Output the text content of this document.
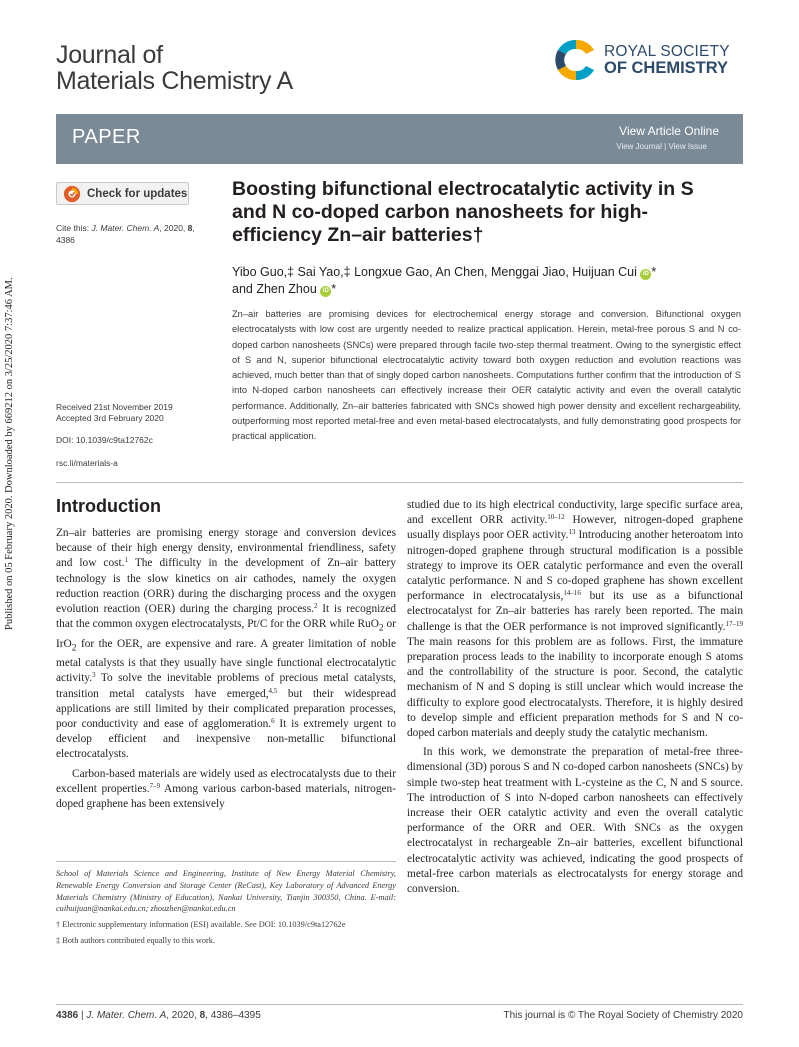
Published on 05 February 2020. Downloaded by 669212 on 3/25/2020 7:37:46 AM.
Journal of
Materials Chemistry A
ROYAL SOCIETY
OF CHEMISTRY
PAPER	View Article Online
View Journal | View Issue
Check for updates
Cite this: J. Mater. Chem. A, 2020, 8, 4386
Boosting bifunctional electrocatalytic activity in S and N co-doped carbon nanosheets for high-efficiency Zn–air batteries†
Yibo Guo,‡ Sai Yao,‡ Longxue Gao, An Chen, Menggai Jiao, Huijuan Cui iD *
and Zhen Zhou iD *
Zn–air batteries are promising devices for electrochemical energy storage and conversion. Bifunctional oxygen electrocatalysts with low cost are urgently needed to realize practical application. Herein, metal-free porous S and N co-doped carbon nanosheets (SNCs) were prepared through facile two-step thermal treatment. Owing to the synergistic effect of S and N, superior bifunctional electrocatalytic activity toward both oxygen reduction and evolution reactions was achieved, much better than that of singly doped carbon nanosheets. Computations further confirm that the introduction of S into N-doped carbon nanosheets can effectively increase their OER catalytic activity and even the overall catalytic performance. Additionally, Zn–air batteries fabricated with SNCs showed high power density and excellent rechargeability, outperforming most reported metal-free and even metal-based electrocatalysts, and fully demonstrating good prospects for practical application.
Received 21st November 2019
Accepted 3rd February 2020
DOI: 10.1039/c9ta12762c
rsc.li/materials-a
Introduction

Zn–air batteries are promising energy storage and conversion devices because of their high energy density, environmental friendliness, safety and low cost.$^1$ The difficulty in the development of Zn–air battery technology is the slow kinetics on air cathodes, namely the oxygen reduction reaction (ORR) during the discharging process and the oxygen evolution reaction (OER) during the charging process.$^2$ It is recognized that the common oxygen electrocatalysts, Pt/C for the ORR while RuO$_2$ or IrO$_2$ for the OER, are expensive and rare. A greater limitation of noble metal catalysts is that they usually have single functional electrocatalytic activity.$^3$ To solve the inevitable problems of precious metal catalysts, transition metal catalysts have emerged,$^{4,5}$ but their widespread applications are still limited by their complicated preparation processes, poor conductivity and ease of agglomeration.$^6$ It is extremely urgent to develop efficient and inexpensive non-metallic bifunctional electrocatalysts.

Carbon-based materials are widely used as electrocatalysts due to their excellent properties.$^{7-9}$ Among various carbon-based materials, nitrogen-doped graphene has been extensively

School of Materials Science and Engineering, Institute of New Energy Material Chemistry, Renewable Energy Conversion and Storage Center (ReCast), Key Laboratory of Advanced Energy Materials Chemistry (Ministry of Education), Nankai University, Tianjin 300350, China. E-mail: cuihuijuan@nankai.edu.cn; zhouzhen@nankai.edu.cn

† Electronic supplementary information (ESI) available. See DOI: 10.1039/c9ta12762e

‡ Both authors contributed equally to this work.

studied due to its high electrical conductivity, large specific surface area, and excellent ORR activity.$^{10-12}$ However, nitrogen-doped graphene usually displays poor OER activity.$^{13}$ Introducing another heteroatom into nitrogen-doped graphene through structural modification is a possible strategy to improve its OER catalytic performance and even the overall catalytic performance. N and S co-doped graphene has shown excellent performance in electrocatalysis,$^{14-16}$ but its use as a bifunctional electrocatalyst for Zn–air batteries has rarely been reported. The main challenge is that the OER performance is not improved significantly.$^{17-19}$ The main reasons for this problem are as follows. First, the immature preparation process leads to the inability to incorporate enough S atoms and the controllability of the structure is poor. Second, the catalytic mechanism of N and S doping is still unclear which would increase the difficulty to explore good electrocatalysts. Therefore, it is highly desired to develop simple and efficient preparation methods for S and N co-doped carbon materials and deeply study the catalytic mechanism.

In this work, we demonstrate the preparation of metal-free three-dimensional (3D) porous S and N co-doped carbon nanosheets (SNCs) by simple two-step heat treatment with L-cysteine as the C, N and S source. The introduction of S into N-doped carbon nanosheets can effectively increase their OER catalytic activity and even the overall catalytic performance of the ORR and OER. With SNCs as the oxygen electrocatalyst in rechargeable Zn–air batteries, excellent bifunctional electrocatalytic activity was achieved, indicating the good prospects of metal-free carbon materials as electrocatalysts for energy storage and conversion.

4386 | J. Mater. Chem. A, 2020, 8, 4386–4395	This journal is © The Royal Society of Chemistry 2020
